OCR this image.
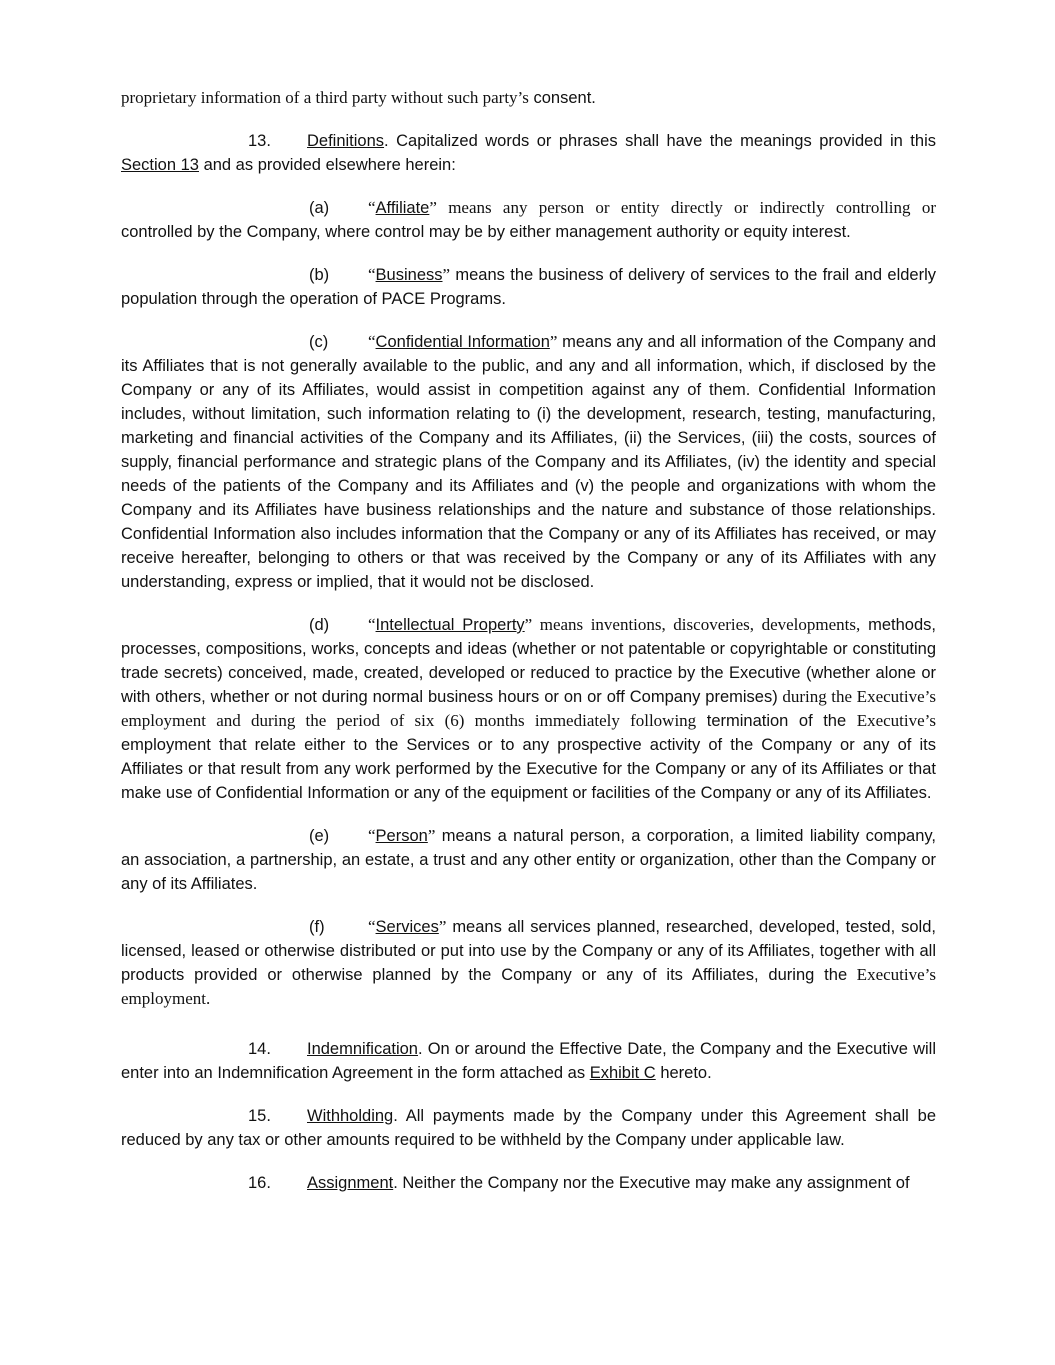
proprietary information of a third party without such party’s consent.

13. Definitions. Capitalized words or phrases shall have the meanings provided in this Section 13 and as provided elsewhere herein:

(a) “Affiliate” means any person or entity directly or indirectly controlling or controlled by the Company, where control may be by either management authority or equity interest.

(b) “Business” means the business of delivery of services to the frail and elderly population through the operation of PACE Programs.

(c) “Confidential Information” means any and all information of the Company and its Affiliates that is not generally available to the public, and any and all information, which, if disclosed by the Company or any of its Affiliates, would assist in competition against any of them. Confidential Information includes, without limitation, such information relating to (i) the development, research, testing, manufacturing, marketing and financial activities of the Company and its Affiliates, (ii) the Services, (iii) the costs, sources of supply, financial performance and strategic plans of the Company and its Affiliates, (iv) the identity and special needs of the patients of the Company and its Affiliates and (v) the people and organizations with whom the Company and its Affiliates have business relationships and the nature and substance of those relationships. Confidential Information also includes information that the Company or any of its Affiliates has received, or may receive hereafter, belonging to others or that was received by the Company or any of its Affiliates with any understanding, express or implied, that it would not be disclosed.

(d) “Intellectual Property” means inventions, discoveries, developments, methods, processes, compositions, works, concepts and ideas (whether or not patentable or copyrightable or constituting trade secrets) conceived, made, created, developed or reduced to practice by the Executive (whether alone or with others, whether or not during normal business hours or on or off Company premises) during the Executive’s employment and during the period of six (6) months immediately following termination of the Executive’s employment that relate either to the Services or to any prospective activity of the Company or any of its Affiliates or that result from any work performed by the Executive for the Company or any of its Affiliates or that make use of Confidential Information or any of the equipment or facilities of the Company or any of its Affiliates.

(e) “Person” means a natural person, a corporation, a limited liability company, an association, a partnership, an estate, a trust and any other entity or organization, other than the Company or any of its Affiliates.

(f)	“Services” means all services planned, researched, developed, tested, sold, licensed, leased or otherwise distributed or put into use by the Company or any of its Affiliates, together with all products provided or otherwise planned by the Company or any of its Affiliates, during the Executive’s employment.

14. Indemnification. On or around the Effective Date, the Company and the Executive will enter into an Indemnification Agreement in the form attached as Exhibit C hereto.

15. Withholding. All payments made by the Company under this Agreement shall be reduced by any tax or other amounts required to be withheld by the Company under applicable law.

16. Assignment. Neither the Company nor the Executive may make any assignment of
